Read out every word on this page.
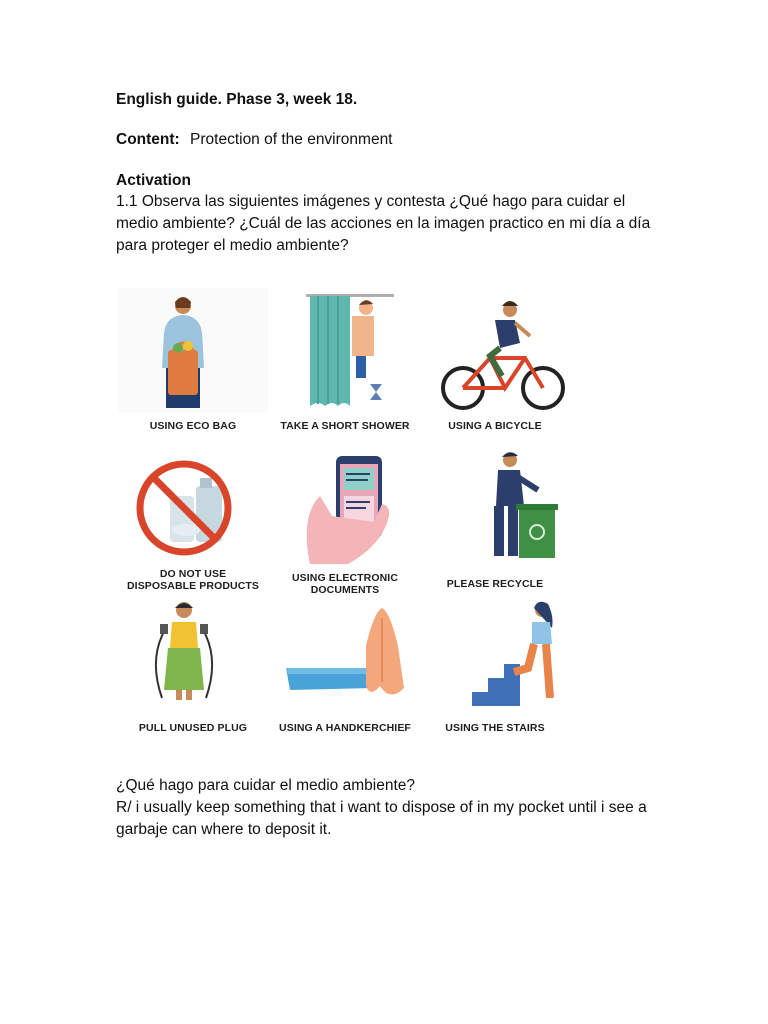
English guide. Phase 3, week 18.
Content: Protection of the environment
Activation
1.1 Observa las siguientes imágenes y contesta ¿Qué hago para cuidar el medio ambiente? ¿Cuál de las acciones en la imagen practico en mi día a día para proteger el medio ambiente?
USING ECO BAG	TAKE A SHORT SHOWER	USING A BICYCLE
DO NOT USE
DISPOSABLE PRODUCTS
USING ELECTRONIC
DOCUMENTS	PLEASE RECYCLE
PULL UNUSED PLUG	USING A HANDKERCHIEF	USING THE STAIRS
¿Qué hago para cuidar el medio ambiente?
R/ i usually keep something that i want to dispose of in my pocket until i see a garbaje can where to deposit it.
